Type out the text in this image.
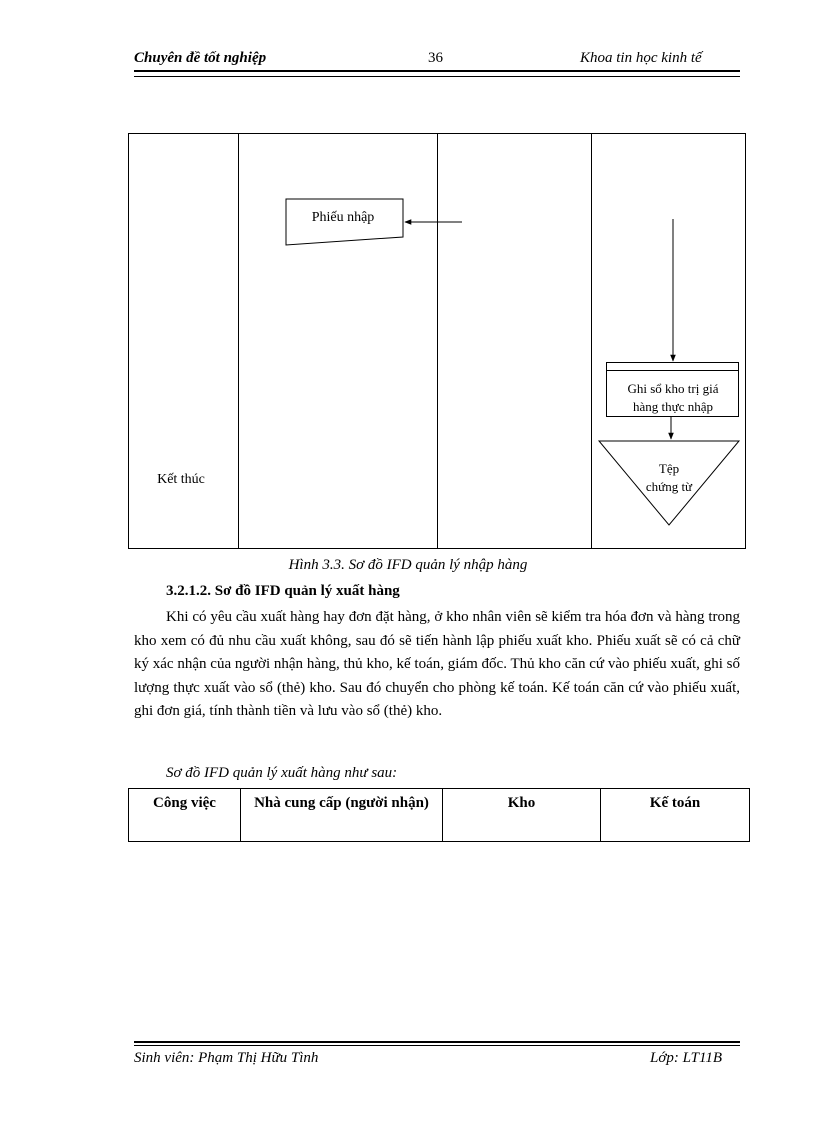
Chuyên đề tốt nghiệp	36	Khoa tin học kinh tế
Kết thúc
Phiếu nhập
Ghi sổ kho trị giá
hàng thực nhập
Tệp
chứng từ
Hình 3.3. Sơ đồ IFD quản lý nhập hàng
3.2.1.2. Sơ đồ IFD quản lý xuất hàng
Khi có yêu cầu xuất hàng hay đơn đặt hàng, ở kho nhân viên sẽ kiểm tra hóa đơn và hàng trong kho xem có đủ nhu cầu xuất không, sau đó sẽ tiến hành lập phiếu xuất kho. Phiếu xuất sẽ có cả chữ ký xác nhận của người nhận hàng, thủ kho, kế toán, giám đốc. Thủ kho căn cứ vào phiếu xuất, ghi số lượng thực xuất vào sổ (thẻ) kho. Sau đó chuyển cho phòng kế toán. Kế toán căn cứ vào phiếu xuất, ghi đơn giá, tính thành tiền và lưu vào sổ (thẻ) kho.
Sơ đồ IFD quản lý xuất hàng như sau:
Công việc	Nhà cung cấp (người nhận)	Kho	Kế toán
Sinh viên: Phạm Thị Hữu Tình	Lớp: LT11B
